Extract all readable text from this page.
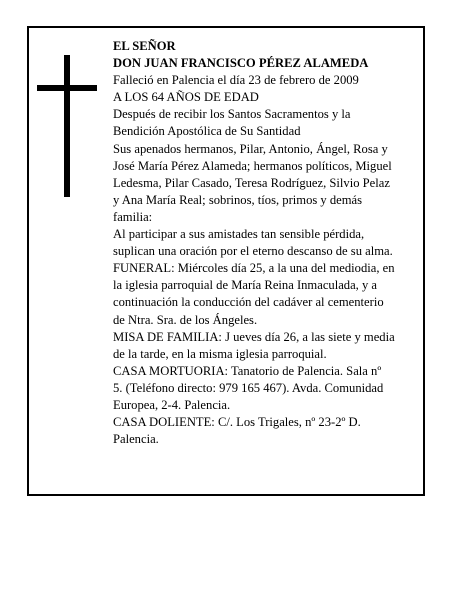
EL SEÑOR
DON JUAN FRANCISCO PÉREZ ALAMEDA
Falleció en Palencia el día 23 de febrero de 2009
A LOS 64 AÑOS DE EDAD
Después de recibir los Santos Sacramentos y la
Bendición Apostólica de Su Santidad
Sus apenados hermanos, Pilar, Antonio, Ángel, Rosa y
José María Pérez Alameda; hermanos políticos, Miguel
Ledesma, Pilar Casado, Teresa Rodríguez, Silvio Pelaz
y Ana María Real; sobrinos, tíos, primos y demás
familia:
Al participar a sus amistades tan sensible pérdida,
suplican una oración por el eterno descanso de su alma.
FUNERAL: Miércoles día 25, a la una del mediodia, en
la iglesia parroquial de María Reina Inmaculada, y a
continuación la conducción del cadáver al cementerio
de Ntra. Sra. de los Ángeles.
MISA DE FAMILIA: J ueves día 26, a las siete y media
de la tarde, en la misma iglesia parroquial.
CASA MORTUORIA: Tanatorio de Palencia. Sala nº
5. (Teléfono directo: 979 165 467). Avda. Comunidad
Europea, 2-4. Palencia.
CASA DOLIENTE: C/. Los Trigales, nº 23-2º D.
Palencia.
